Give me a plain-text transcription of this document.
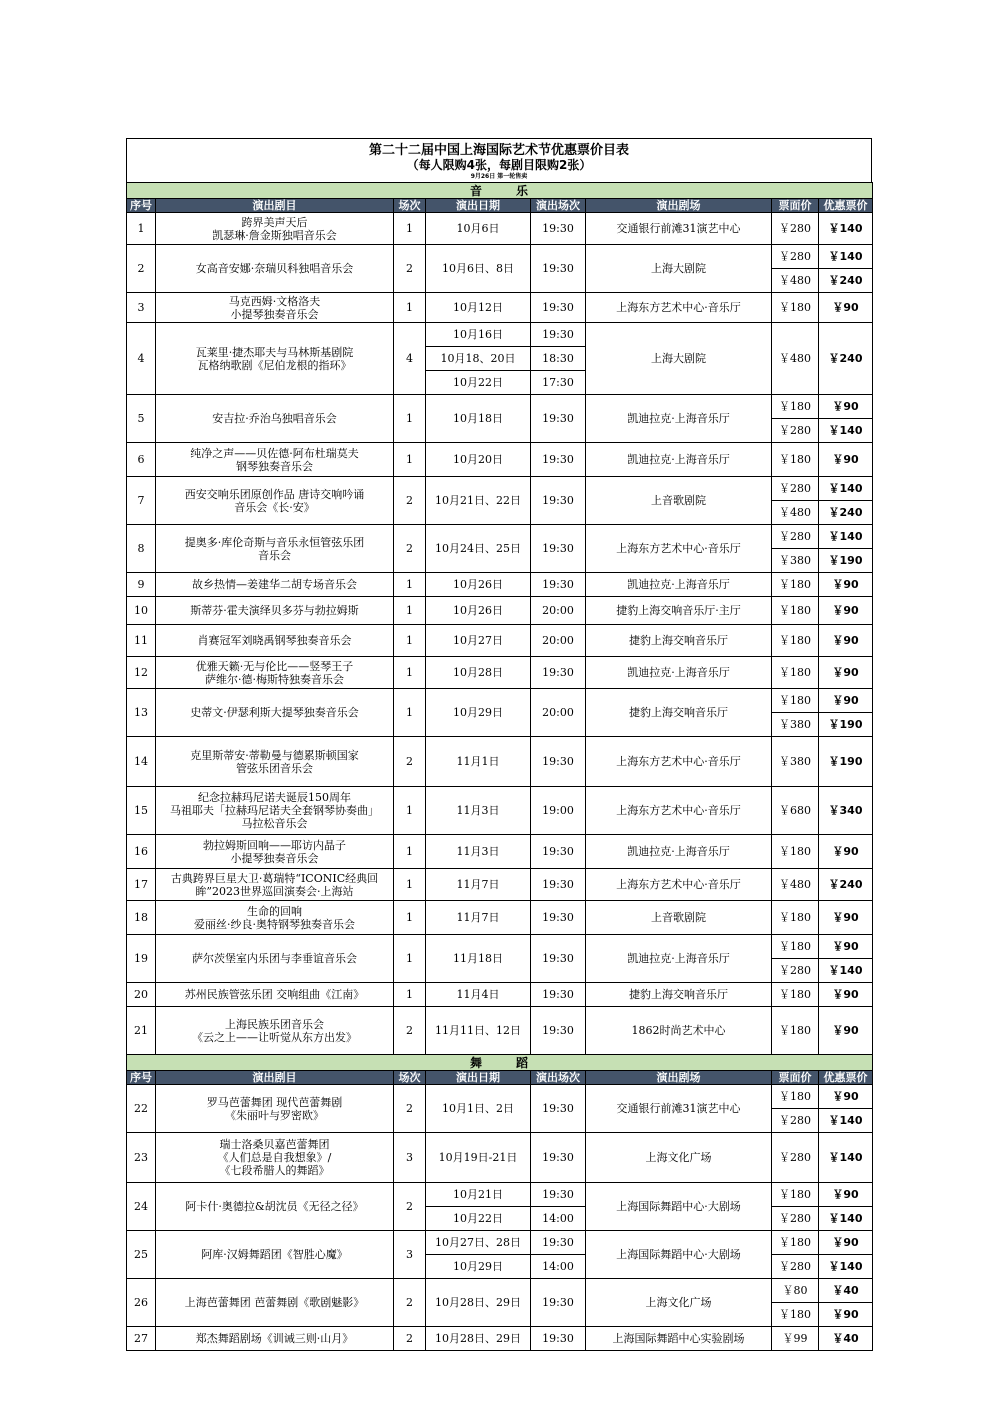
第二十二届中国上海国际艺术节优惠票价目表
（每人限购4张，每剧目限购2张）
9月26日 第一轮售卖
音乐							
序号	演出剧目	场次	演出日期	演出场次	演出剧场	票面价	优惠票价
1	跨界美声天后
凯瑟琳·詹金斯独唱音乐会	1	10月6日	19:30	交通银行前滩31演艺中心	￥280	￥140
2	女高音安娜·奈瑞贝科独唱音乐会	2	10月6日、8日	19:30	上海大剧院	￥280	￥140
						￥480	￥240
3	马克西姆·文格洛夫
小提琴独奏音乐会	1	10月12日	19:30	上海东方艺术中心·音乐厅	￥180	￥90
4	瓦莱里·捷杰耶夫与马林斯基剧院
瓦格纳歌剧《尼伯龙根的指环》	4	10月16日	19:30	上海大剧院	￥480	￥240
			10月18、20日	18:30			
			10月22日	17:30			
5	安吉拉·乔治乌独唱音乐会	1	10月18日	19:30	凯迪拉克·上海音乐厅	￥180	￥90
						￥280	￥140
6	纯净之声——贝佐德·阿布杜瑞莫夫
钢琴独奏音乐会	1	10月20日	19:30	凯迪拉克·上海音乐厅	￥180	￥90
7	西安交响乐团原创作品 唐诗交响吟诵
音乐会《长·安》	2	10月21日、22日	19:30	上音歌剧院	￥280	￥140
						￥480	￥240
8	提奥多·库伦奇斯与音乐永恒管弦乐团
音乐会	2	10月24日、25日	19:30	上海东方艺术中心·音乐厅	￥280	￥140
						￥380	￥190
9	故乡热情—姜建华二胡专场音乐会	1	10月26日	19:30	凯迪拉克·上海音乐厅	￥180	￥90
10	斯蒂芬·霍夫演绎贝多芬与勃拉姆斯	1	10月26日	20:00	捷豹上海交响音乐厅·主厅	￥180	￥90
11	肖赛冠军刘晓禹钢琴独奏音乐会	1	10月27日	20:00	捷豹上海交响音乐厅	￥180	￥90
12	优雅天籁·无与伦比——竖琴王子
萨维尔·德·梅斯特独奏音乐会	1	10月28日	19:30	凯迪拉克·上海音乐厅	￥180	￥90
13	史蒂文·伊瑟利斯大提琴独奏音乐会	1	10月29日	20:00	捷豹上海交响音乐厅	￥180	￥90
						￥380	￥190
14	克里斯蒂安·蒂勒曼与德累斯顿国家
管弦乐团音乐会	2	11月1日	19:30	上海东方艺术中心·音乐厅	￥380	￥190
15	纪念拉赫玛尼诺夫诞辰150周年
马祖耶夫「拉赫玛尼诺夫全套钢琴协奏曲」
马拉松音乐会	1	11月3日	19:00	上海东方艺术中心·音乐厅	￥680	￥340
16	勃拉姆斯回响——耶访内晶子
小提琴独奏音乐会	1	11月3日	19:30	凯迪拉克·上海音乐厅	￥180	￥90
17	古典跨界巨星大卫·葛瑞特“ICONIC经典回
眸”2023世界巡回演奏会·上海站	1	11月7日	19:30	上海东方艺术中心·音乐厅	￥480	￥240
18	生命的回响
爱丽丝·纱良·奥特钢琴独奏音乐会	1	11月7日	19:30	上音歌剧院	￥180	￥90
19	萨尔茨堡室内乐团与李垂谊音乐会	1	11月18日	19:30	凯迪拉克·上海音乐厅	￥180	￥90
						￥280	￥140
20	苏州民族管弦乐团 交响组曲《江南》	1	11月4日	19:30	捷豹上海交响音乐厅	￥180	￥90
21	上海民族乐团音乐会
《云之上——让听觉从东方出发》	2	11月11日、12日	19:30	1862时尚艺术中心	￥180	￥90
舞蹈							
序号	演出剧目	场次	演出日期	演出场次	演出剧场	票面价	优惠票价
22	罗马芭蕾舞团 现代芭蕾舞剧
《朱丽叶与罗密欧》	2	10月1日、2日	19:30	交通银行前滩31演艺中心	￥180	￥90
						￥280	￥140
23	瑞士洛桑贝嘉芭蕾舞团
《人们总是自我想象》/
《七段希腊人的舞蹈》	3	10月19日-21日	19:30	上海文化广场	￥280	￥140
24	阿卡什·奥德拉&胡沈员《无径之径》	2	10月21日	19:30	上海国际舞蹈中心·大剧场	￥180	￥90
			10月22日	14:00		￥280	￥140
25	阿库·汉姆舞蹈团《智胜心魔》	3	10月27日、28日	19:30	上海国际舞蹈中心·大剧场	￥180	￥90
			10月29日	14:00		￥280	￥140
26	上海芭蕾舞团 芭蕾舞剧《歌剧魅影》	2	10月28日、29日	19:30	上海文化广场	￥80	￥40
						￥180	￥90
27	郑杰舞蹈剧场《训诫三则·山月》	2	10月28日、29日	19:30	上海国际舞蹈中心实验剧场	￥99	￥40
